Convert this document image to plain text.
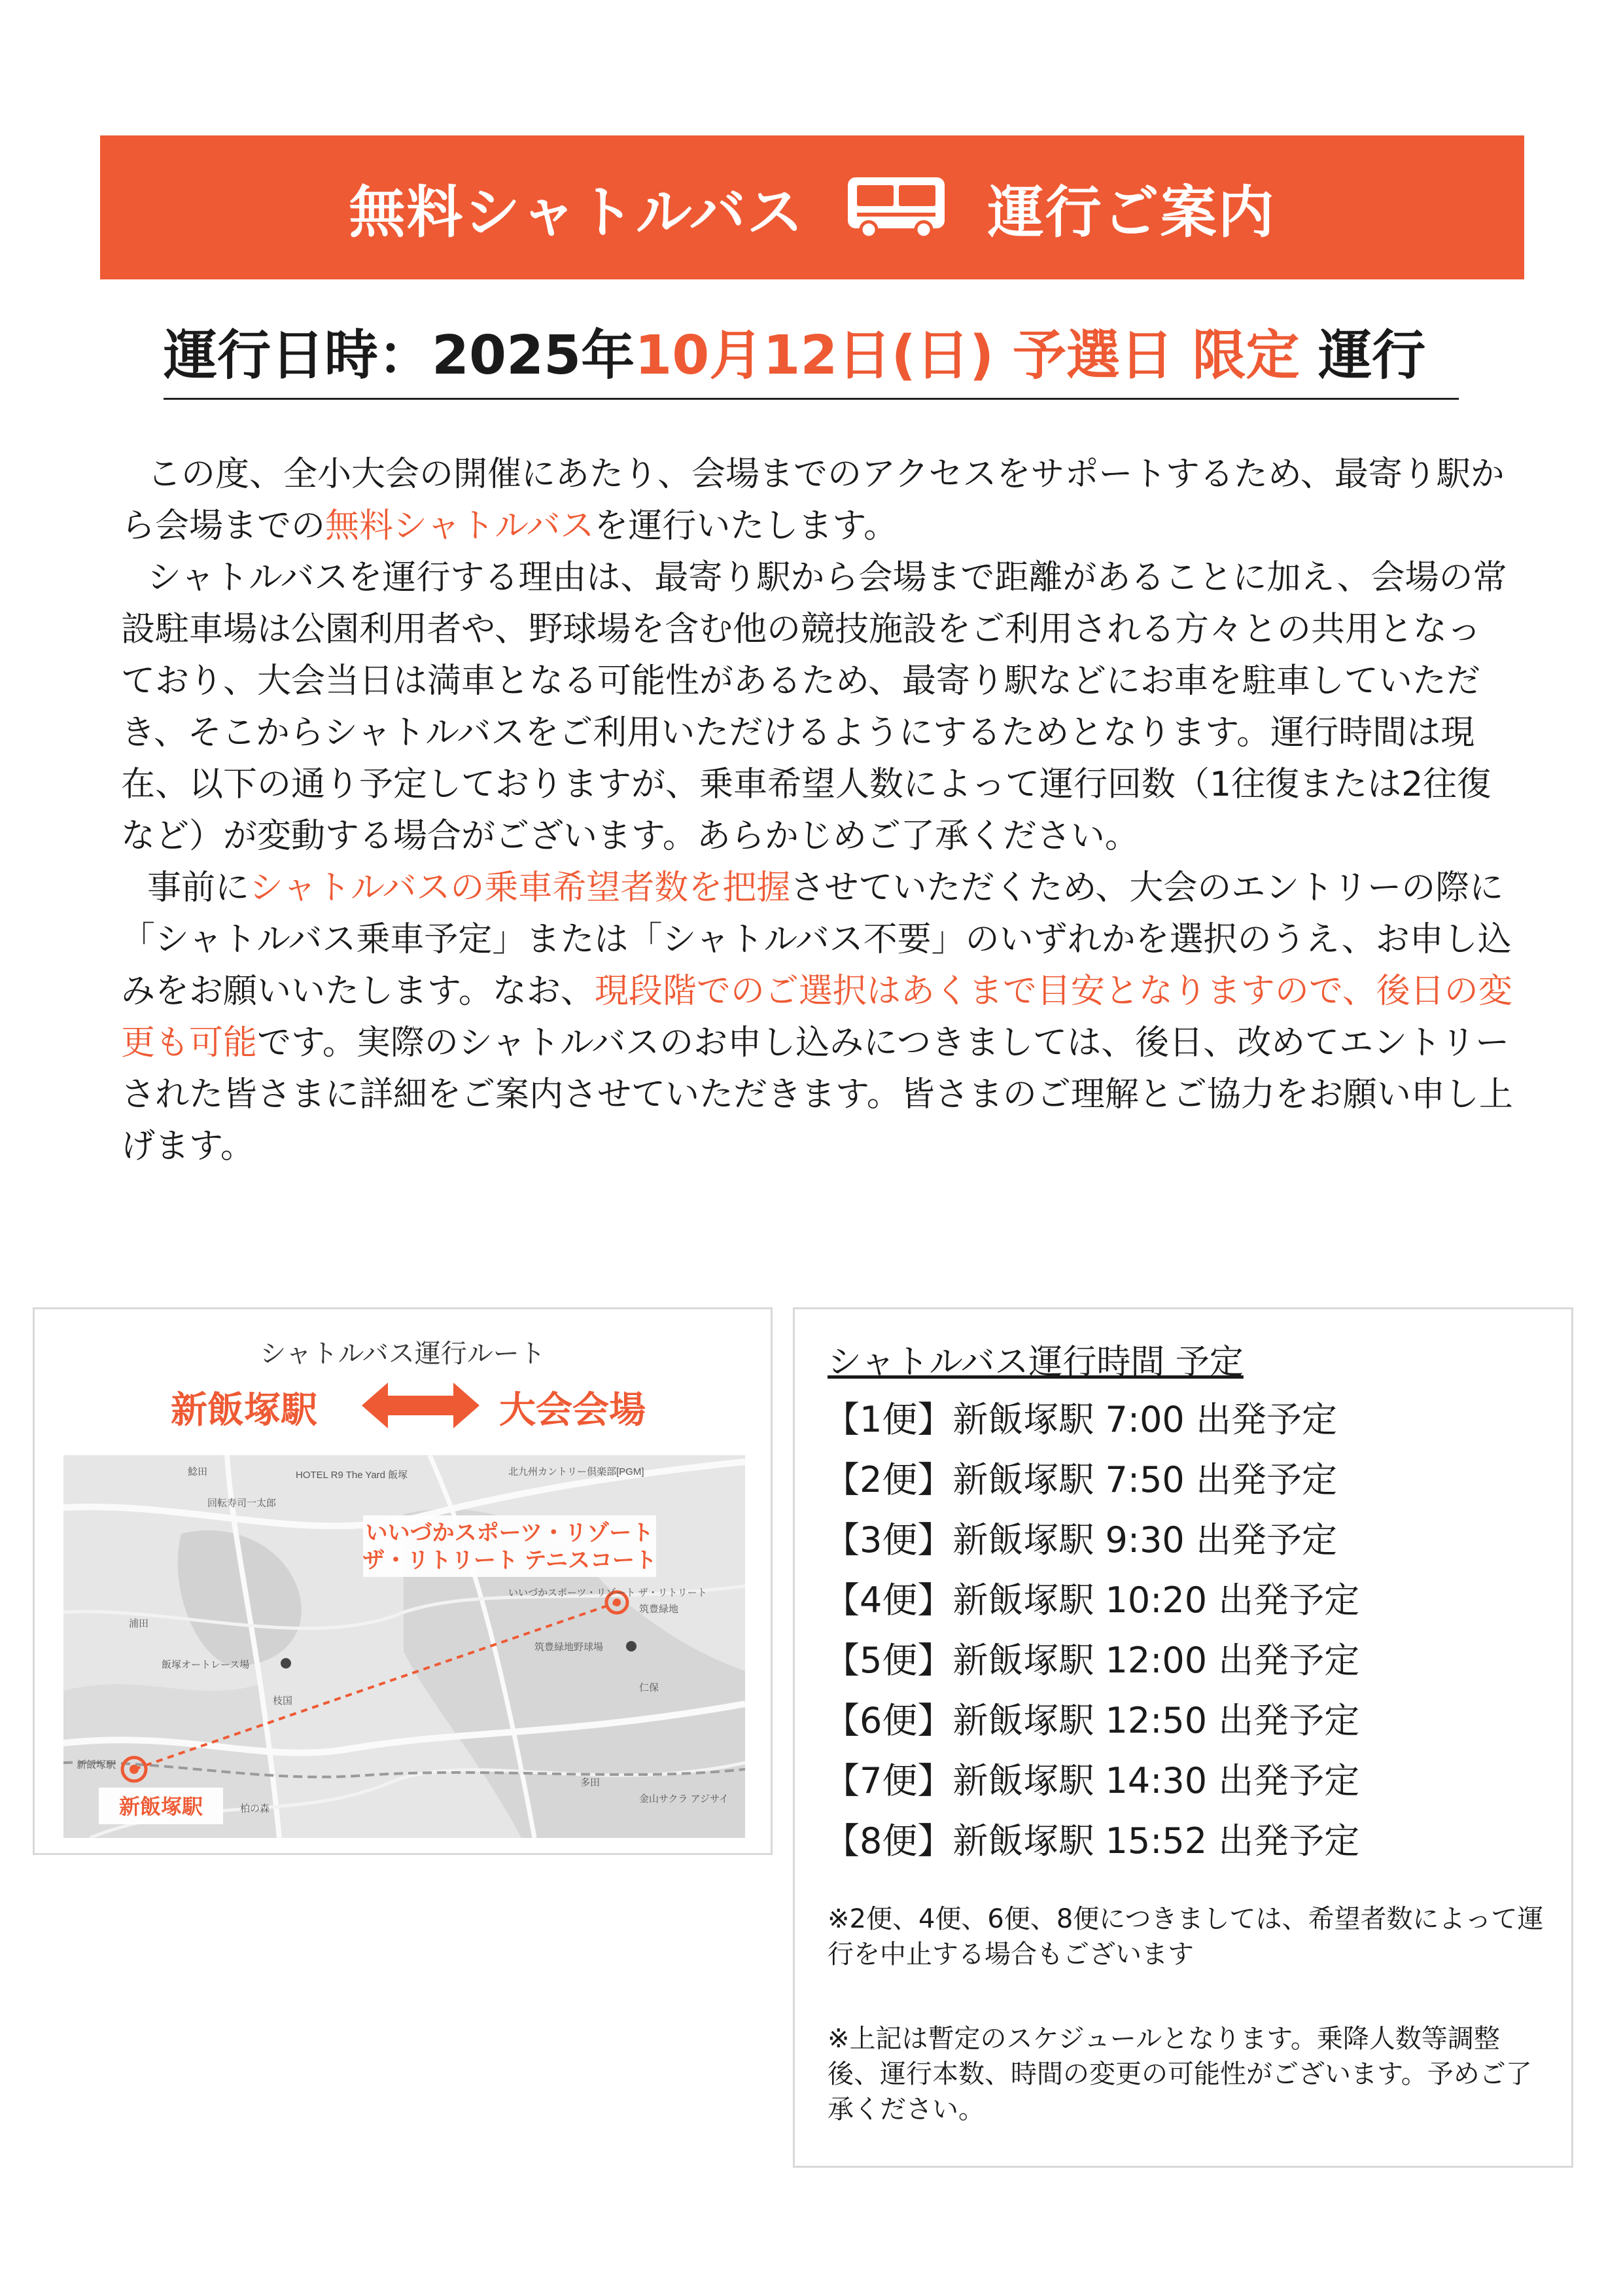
無料シャトルバス	運行ご案内
運行日時：2025年10月12日(日) 予選日 限定 運行

この度、全小大会の開催にあたり、会場までのアクセスをサポートするため、最寄り駅から会場までの無料シャトルバスを運行いたします。

シャトルバスを運行する理由は、最寄り駅から会場まで距離があることに加え、会場の常設駐車場は公園利用者や、野球場を含む他の競技施設をご利用される方々との共用となっており、大会当日は満車となる可能性があるため、最寄り駅などにお車を駐車していただき、そこからシャトルバスをご利用いただけるようにするためとなります。運行時間は現在、以下の通り予定しておりますが、乗車希望人数によって運行回数（1往復または2往復など）が変動する場合がございます。あらかじめご了承ください。

事前にシャトルバスの乗車希望者数を把握させていただくため、大会のエントリーの際に「シャトルバス乗車予定」または「シャトルバス不要」のいずれかを選択のうえ、お申し込みをお願いいたします。なお、現段階でのご選択はあくまで目安となりますので、後日の変更も可能です。実際のシャトルバスのお申し込みにつきましては、後日、改めてエントリーされた皆さまに詳細をご案内させていただきます。皆さまのご理解とご協力をお願い申し上げます。

シャトルバス運行ルート
新飯塚駅	大会会場
HOTEL R9 The Yard 飯塚	北九州カントリー倶楽部[PGM]
鯰田
筑豊緑地
筑豊緑地野球場
飯塚オートレース場
浦田
仁保
枝国
柏の森
多田
金山サクラ アジサイ
回転寿司一太郎
いいづかスポーツ・リゾート ザ・リトリート
新飯塚駅
いいづかスポーツ・リゾート
ザ・リトリート テニスコート
新飯塚駅
シャトルバス運行時間 予定
【1便】新飯塚駅 7:00 出発予定
【2便】新飯塚駅 7:50 出発予定
【3便】新飯塚駅 9:30 出発予定
【4便】新飯塚駅 10:20 出発予定
【5便】新飯塚駅 12:00 出発予定
【6便】新飯塚駅 12:50 出発予定
【7便】新飯塚駅 14:30 出発予定
【8便】新飯塚駅 15:52 出発予定
※2便、4便、6便、8便につきましては、希望者数によって運行を中止する場合もございます
※上記は暫定のスケジュールとなります。乗降人数等調整後、運行本数、時間の変更の可能性がございます。予めご了承ください。
